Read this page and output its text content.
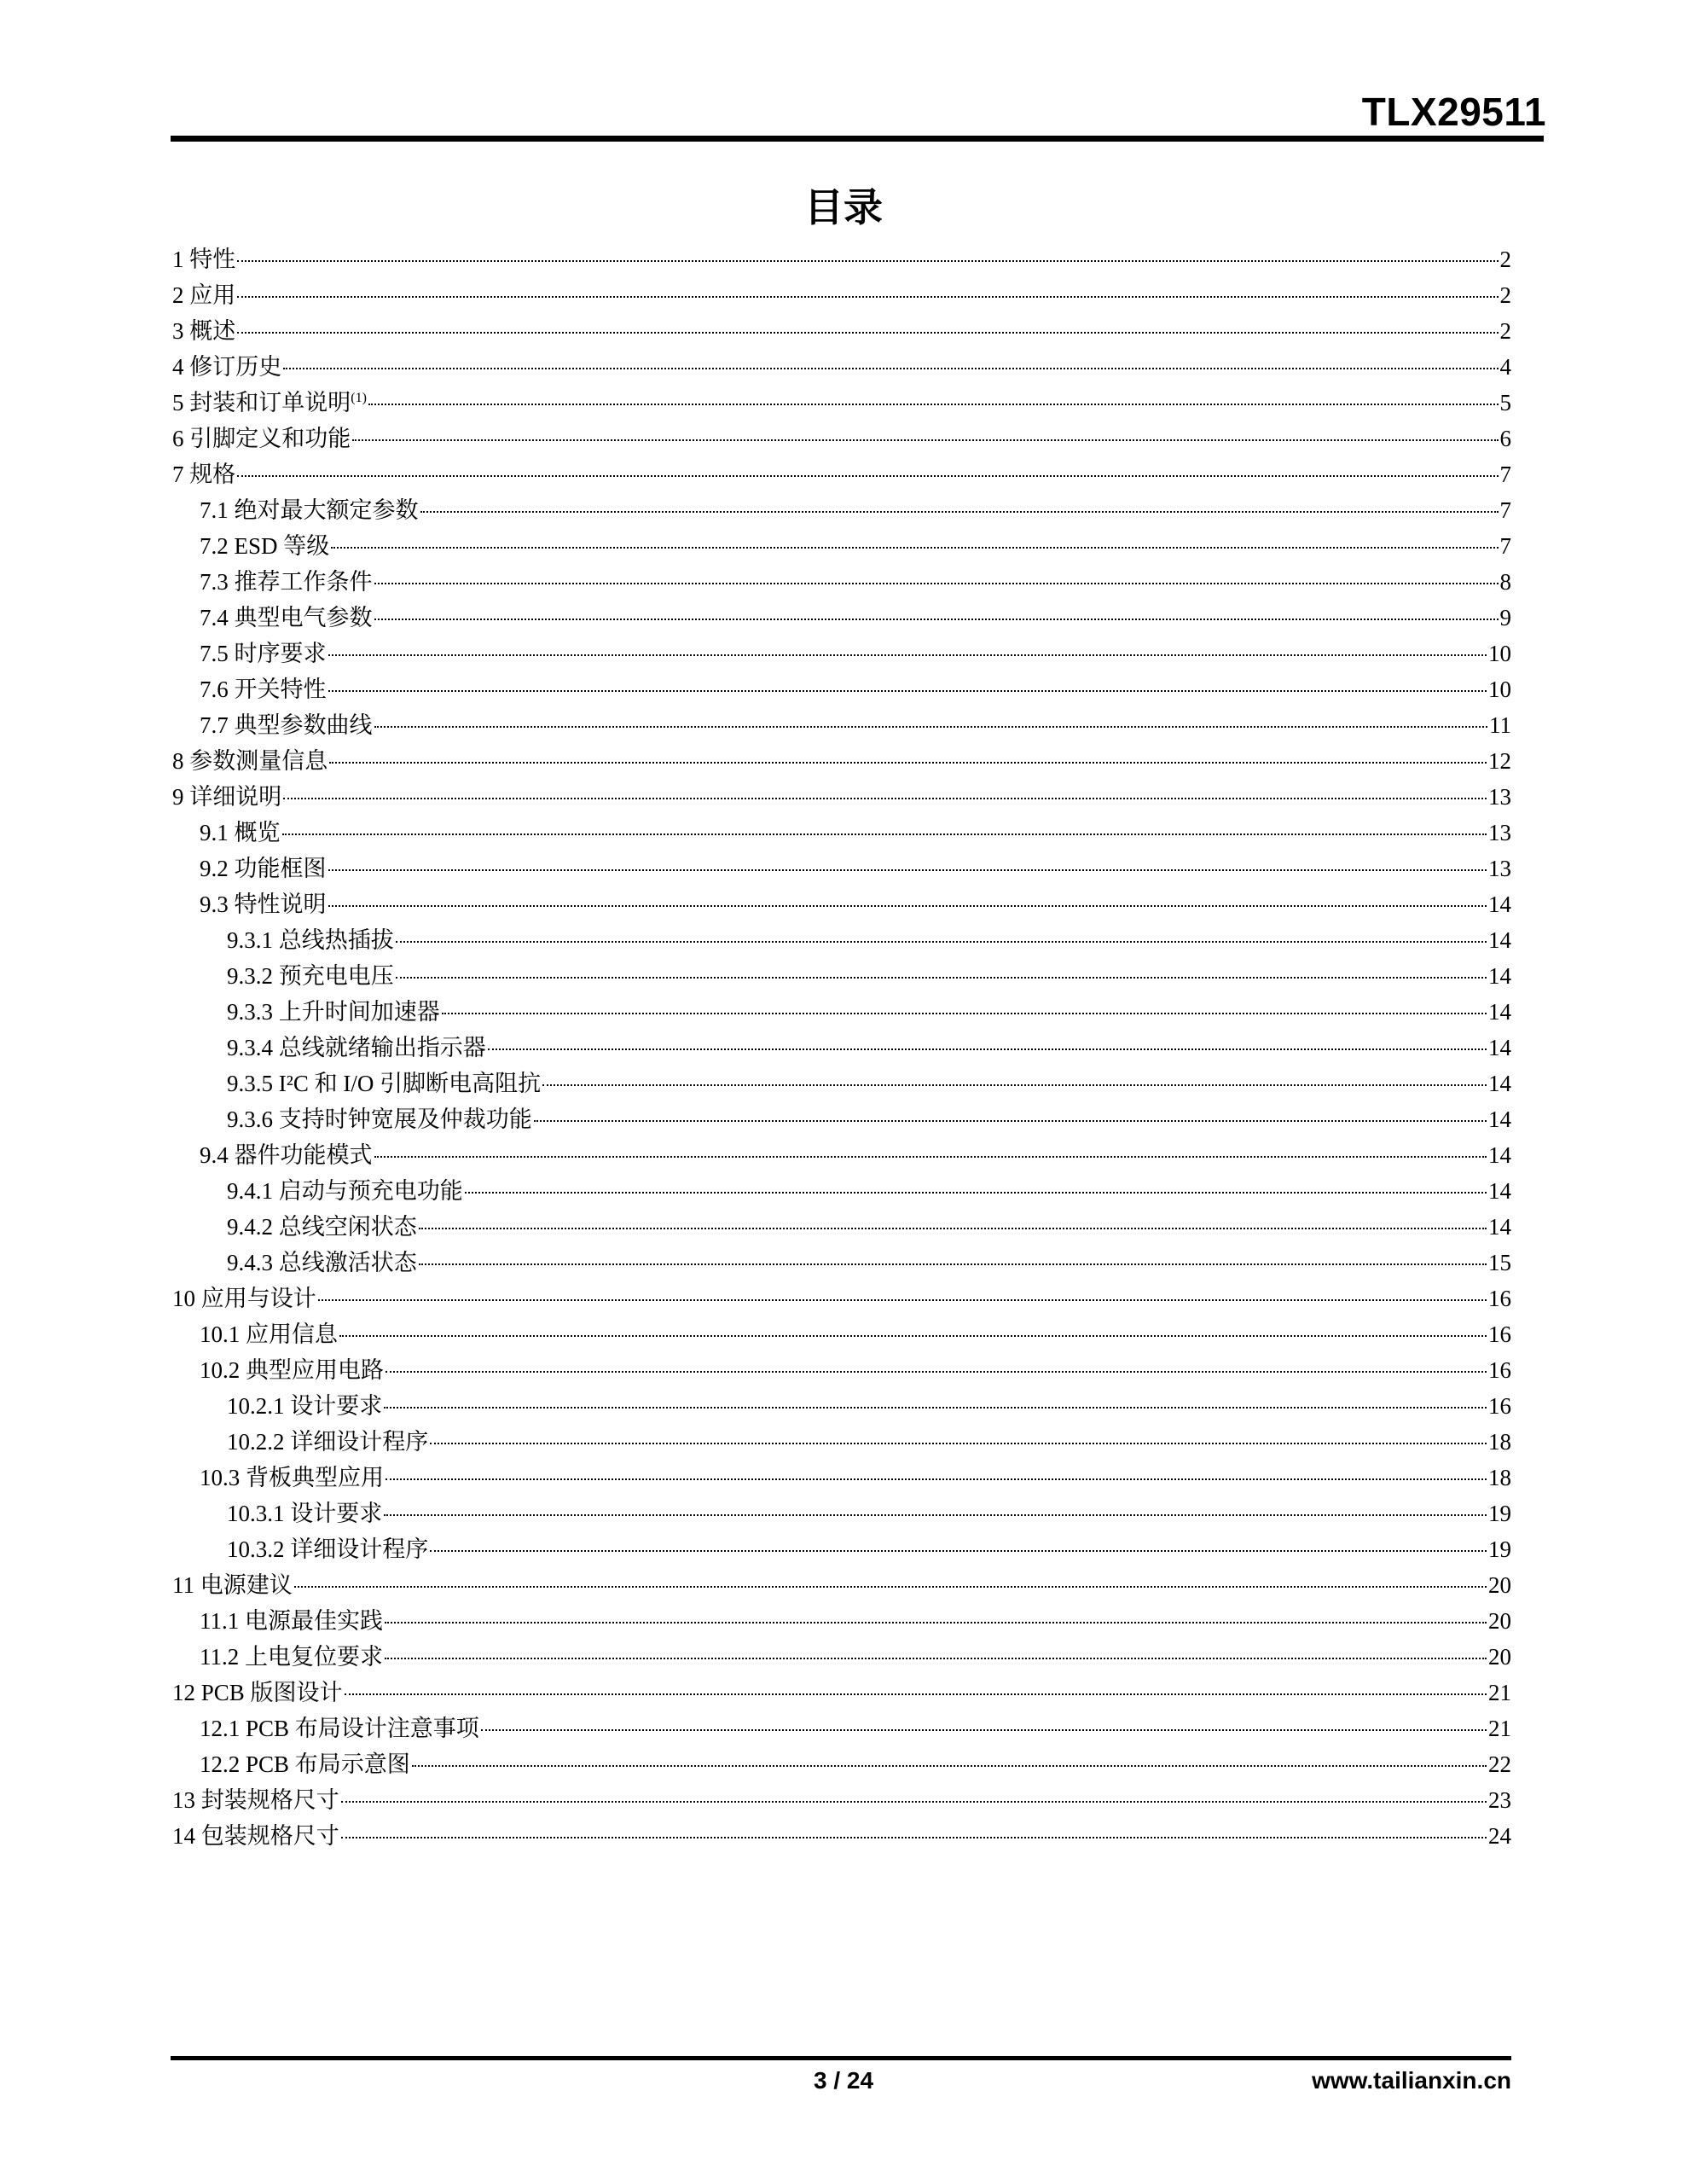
TLX29511
目录
1 特性	2
2 应用	2
3 概述	2
4 修订历史	4
5 封装和订单说明$^{(1)}$	5
6 引脚定义和功能	6
7 规格	7
7.1 绝对最大额定参数	7
7.2 ESD 等级	7
7.3 推荐工作条件	8
7.4 典型电气参数	9
7.5 时序要求	10
7.6 开关特性	10
7.7 典型参数曲线	11
8 参数测量信息	12
9 详细说明	13
9.1 概览	13
9.2 功能框图	13
9.3 特性说明	14
9.3.1 总线热插拔	14
9.3.2 预充电电压	14
9.3.3 上升时间加速器	14
9.3.4 总线就绪输出指示器	14
9.3.5 I²C 和 I/O 引脚断电高阻抗	14
9.3.6 支持时钟宽展及仲裁功能	14
9.4 器件功能模式	14
9.4.1 启动与预充电功能	14
9.4.2 总线空闲状态	14
9.4.3 总线激活状态	15
10 应用与设计	16
10.1 应用信息	16
10.2 典型应用电路	16
10.2.1 设计要求	16
10.2.2 详细设计程序	18
10.3 背板典型应用	18
10.3.1 设计要求	19
10.3.2 详细设计程序	19
11 电源建议	20
11.1 电源最佳实践	20
11.2 上电复位要求	20
12 PCB 版图设计	21
12.1 PCB 布局设计注意事项	21
12.2 PCB 布局示意图	22
13 封装规格尺寸	23
14 包装规格尺寸	24
3 / 24	www.tailianxin.cn
